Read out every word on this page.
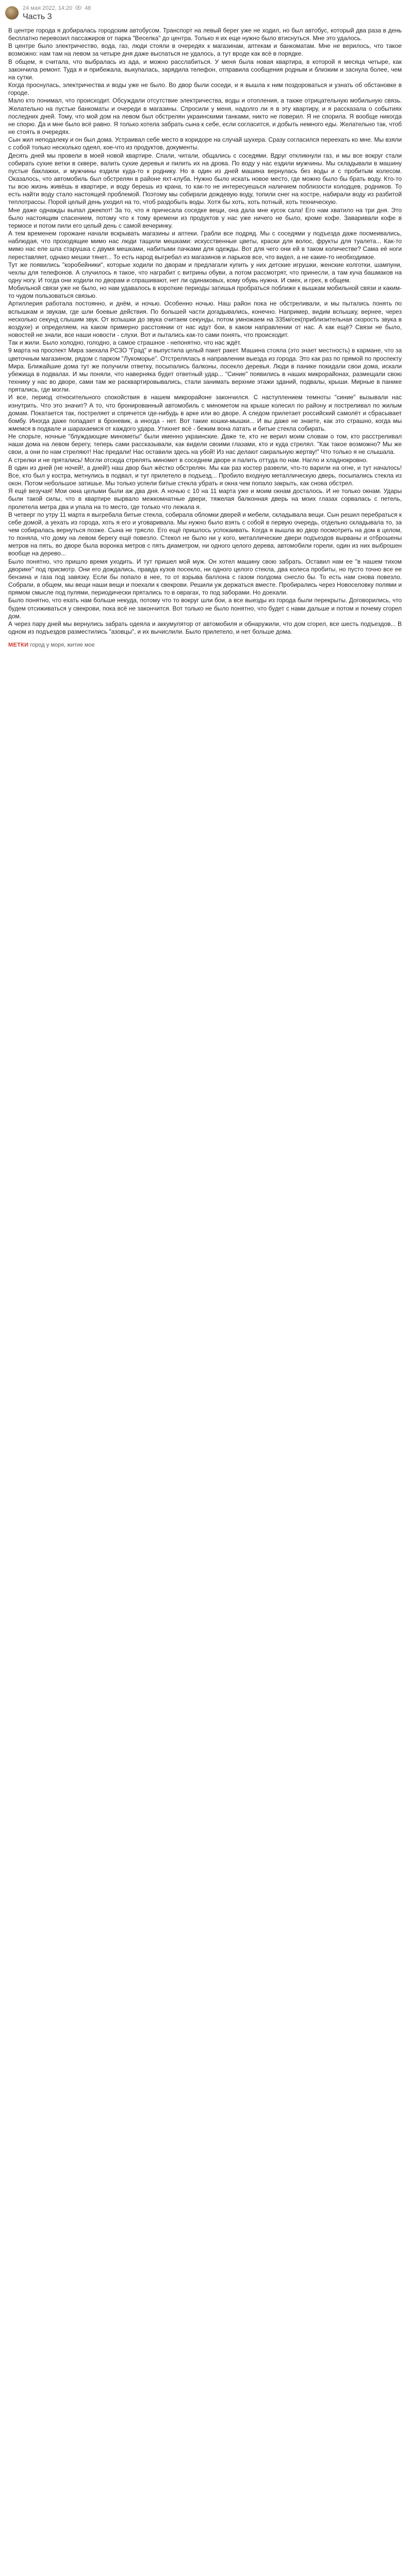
24 мая 2022, 14:20 48
Часть 3

В центре города я добиралась городским автобусом. Транспорт на левый берег уже не ходил, но был автобус, который два раза в день бесплатно перевозил пассажиров от парка "Веселка" до центра. Только я их еще нужно было втиснуться. Мне это удалось.

В центре было электричество, вода, газ, люди стояли в очередях к магазинам, аптекам и банкоматам. Мне не верилось, что такое возможно: нам там на левом за четыре дня даже выспаться не удалось, а тут вроде как всё в порядке.

В общем, я считала, что выбралась из ада, и можно расслабиться. У меня была новая квартира, в которой я месяца четыре, как закончила ремонт. Туда я и прибежала, выкупалась, зарядила телефон, отправила сообщения родным и близким и заснула более, чем на сутки.

Когда проснулась, электричества и воды уже не было. Во двор были соседи, и я вышла к ним поздороваться и узнать об обстановке в городе.

Мало кто понимал, что происходит. Обсуждали отсутствие электричества, воды и отопления, а также отрицательную мобильную связь. Желательно на пустые банкоматы и очереди в магазины. Спросили у меня, надолго ли я в эту квартиру, и я рассказала о событиях последних дней. Тому, что мой дом на левом был обстрелян украинскими танками, никто не поверил. Я не спорила. Я вообще никогда не спорю. Да и мне было всё равно. Я только хотела забрать сына к себе, если согласится, и добыть немного еды. Желательно так, чтоб не стоять в очередях.

Сын жил неподалеку и он был дома. Устраивал себе место в коридоре на случай шухера. Сразу согласился переехать ко мне. Мы взяли с собой только несколько одеял, кое-что из продуктов, документы.

Десять дней мы провели в моей новой квартире. Спали, читали, общались с соседями. Вдруг откликнули газ, и мы все вокруг стали собирать сухие ветки в сквере, валить сухие деревья и пилить их на дрова. По воду у нас ездили мужчины. Мы складывали в машину пустые баклажки, и мужчины ездили куда-то к роднику. Но в один из дней машина вернулась без воды и с пробитым колесом. Оказалось, что автомобиль был обстрелян в районе яхт-клуба. Нужно было искать новое место, где можно было бы брать воду. Кто-то ты всю жизнь живёшь в квартире, и воду берешь из крана, то как-то не интересуешься наличием поблизости колодцев, родников. То есть найти воду стало настоящей проблемой. Поэтому мы собирали дождевую воду, топили снег на костре, набирали воду из разбитой теплотрассы. Порой целый день уходил на то, чтоб раздобыть воды. Хотя бы хоть, хоть потный, хоть техническую.

Мне даже однажды выпал джекпот! За то, что я причесала соседке вещи, она дала мне кусок сала! Его нам хватило на три дня. Это было настоящим спасением, потому что к тому времени из продуктов у нас уже ничего не было, кроме кофе. Заваривали кофе в термосе и потом пили его целый день с самой вечеринку.

А тем временем горожане начали вскрывать магазины и аптеки. Грабли все подряд. Мы с соседями у подъезда даже посмеивались, наблюдая, что проходящие мимо нас люди тащили мешками: искусственные цветы, краски для волос, фрукты для туалета... Как-то мимо нас еле шла старушка с двумя мешками, набитыми пачками для одежды. Вот для чего они ей в таком количестве? Сама её ноги переставляет, однако мешки тянет... То есть народ выгребал из магазинов и ларьков все, что видел, а не какие-то необходимое.

Тут же появились "коробейники", которые ходили по дворам и предлагали купить у них детские игрушки, женские колготки, шампуни, чехлы для телефонов. А случилось я такое, что награбит с витрины обуви, а потом рассмотрят, что принесли, а там куча башмаков на одну ногу. И тогда они ходили по дворам и спрашивают, нет ли одинаковых, кому обувь нужна. И смех, и грех, в общем.

Мобильной связи уже не было, но нам удавалось в короткие периоды затишья пробраться поближе к вышкам мобильной связи и каким-то чудом пользоваться связью.

Артиллерия работала постоянно, и днём, и ночью. Особенно ночью. Наш район пока не обстреливали, и мы пытались понять по вспышкам и звукам, где шли боевые действия. По большей части догадывались, конечно. Например, видим вспышку, вернее, через несколько секунд слышим звук. От вспышки до звука считаем секунды, потом умножаем на 335м/сек(приблизительная скорость звука в воздухе) и определяем, на каком примерно расстоянии от нас идут бои, в каком направлении от нас. А как ещё? Связи не было, новостей не знали, все наши новости - слухи. Вот и пытались как-то сами понять, что происходит.

Так и жили. Было холодно, голодно, а самое страшное - непонятно, что нас ждёт.

9 марта на проспект Мира заехала РСЗО "Град" и выпустила целый пакет ракет. Машина стояла (это знает местность) в кармане, что за цветочным магазином, рядом с парком "Лукоморье". Отстрелялась в направлении выезда из города. Это как раз по прямой по проспекту Мира. Ближайшие дома тут же получили ответку, посыпались балконы, посекло деревья. Люди в панике покидали свои дома, искали убежища в подвалах. И мы поняли, что наверняка будет ответный удар... "Синие" появились в наших микрорайонах, размещали свою технику у нас во дворе, сами там же расквартировывались, стали занимать верхние этажи зданий, подвалы, крыши. Мирные в панике прятались, где могли.

И все, период относительного спокойствия в нашем микрорайоне закончился. С наступлением темноты "синие" вызывали нас изнутрить. Что это значит? А то, что бронированный автомобиль с минометом на крыше колесил по району и постреливал по жилым домам. Покатается так, постреляет и спрячется где-нибудь в арке или во дворе. А следом прилетает российский самолёт и сбрасывает бомбу. Иногда даже попадает в броневик, а иногда - нет. Вот такие кошки-мышки... И вы даже не знаете, как это страшно, когда мы жмемся в подвале и шарахаемся от каждого удара. Утихнет всё - бежим вона латать и битые стекла собирать.

Не спорьте, ночные "блуждающие минометы" были именно украинские. Даже те, кто не верил моим словам о том, кто расстреливал наши дома на левом берегу, теперь сами рассказывали, как видели своими глазами, кто и куда стрелял. "Как такое возможно? Мы же свои, а они по нам стреляют! Нас предали! Нас оставили здесь на убой! Из нас делают сакральную жертву!" Что только я не слышала.

А стрелки и не прятались! Могли отсюда стрелять миномет в соседнем дворе и палить оттуда по нам. Нагло и хладнокровно.

В один из дней (не ночей!, а дней!) наш двор был жёстко обстрелян. Мы как раз костер развели, что-то варили на огне, и тут началось! Все, кто был у костра, метнулись в подвал, и тут прилетело в подъезд... Пробило входную металлическую дверь, посыпались стекла из окон. Потом небольшое затишье. Мы только успели битые стекла убрать и окна чем попало закрыть, как снова обстрел.

Я ещё везучая! Мои окна целыми были аж два дня. А ночью с 10 на 11 марта уже и моим окнам досталось. И не только окнам. Удары были такой силы, что в квартире вырвало межкомнатные двери, тяжелая балконная дверь на моих глазах сорвалась с петель, пролетела метра два и упала на то место, где только что лежала я.

В четверг по утру 11 марта я выгребала битые стекла, собирала обломки дверей и мебели, складывала вещи. Сын решил перебраться к себе домой, а уехать из города, хоть я его и уговаривала. Мы нужно было взять с собой в первую очередь, отдельно складывала то, за чем собиралась вернуться позже. Сына не трясло. Его ещё пришлось успокаивать. Когда я вышла во двор посмотреть на дом в целом, то поняла, что дому на левом берегу ещё повезло. Стекол не было ни у кого, металлические двери подъездов вырваны и отброшены метров на пять, во дворе была воронка метров с пять диаметром, ни одного целого дерева, автомобили горели, один из них выброшен вообще на дерево...

Было понятно, что пришло время уходить. И тут пришел мой муж. Он хотел машину свою забрать. Оставил нам ее "в нашем тихом дворике" под присмотр. Они его дождались, правда кузов посекло, ни одного целого стекла, два колеса пробиты, но пусто точно все ее бензина и газа под завязку. Если бы попало в нее, то от взрыва баллона с газом полдома снесло бы. То есть нам снова повезло. Собрали, в общем, мы вещи наши вещи и поехали к свекрови. Решили уж держаться вместе. Пробирались через Новоселовку полями и прямом смысле под пулями, периодически прятались то в оврагах, то под заборами. Но доехали.

Было понятно, что ехать нам больше некуда, потому что то вокруг шли бои, а все выезды из города были перекрыты. Договорились, что будем отсиживаться у свекрови, пока всё не закончится. Вот только не было понятно, что будет с нами дальше и потом и почему сгорел дом.

А через пару дней мы вернулись забрать одеяла и аккумулятор от автомобиля и обнаружили, что дом сгорел, все шесть подъездов... В одном из подъездов разместились "азовцы", и их вычислили. Было прилетело, и нет больше дома.

МЕТКИ город у моря, житие мое
